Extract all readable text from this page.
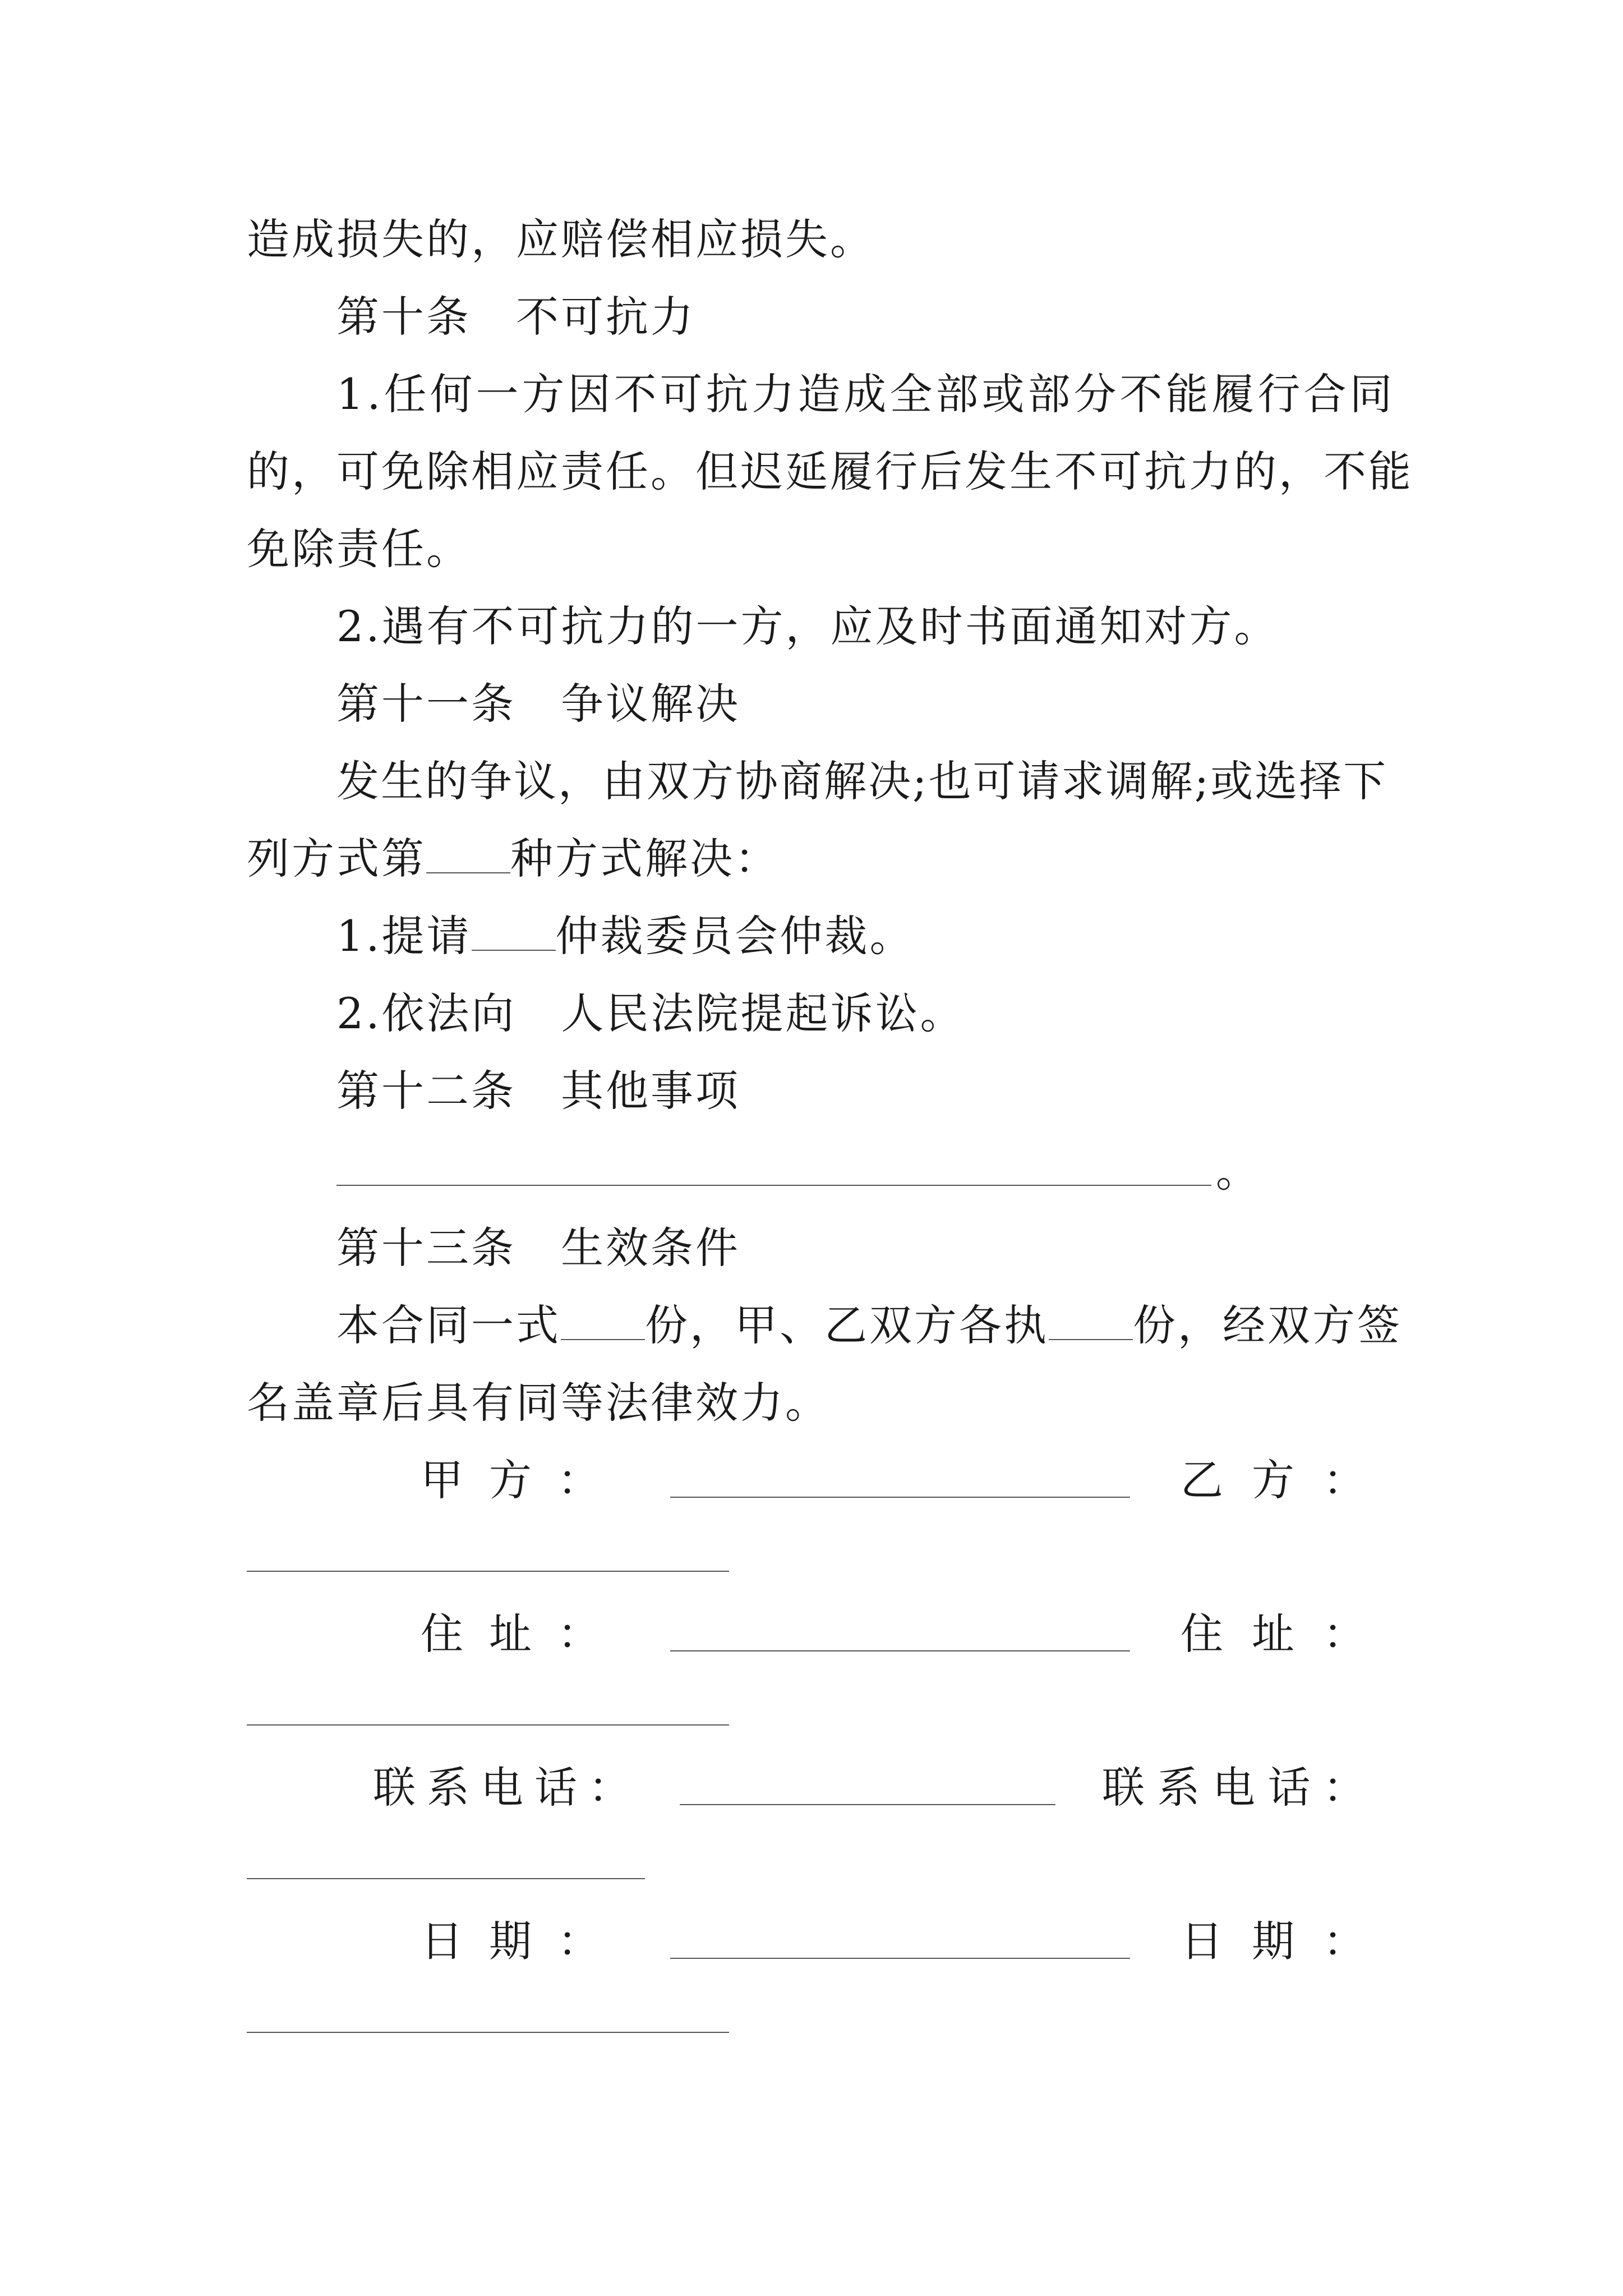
造成损失的，应赔偿相应损失。
第十条　不可抗力
1.任何一方因不可抗力造成全部或部分不能履行合同
的，可免除相应责任。但迟延履行后发生不可抗力的，不能
免除责任。
2.遇有不可抗力的一方，应及时书面通知对方。
第十一条　争议解决
发生的争议，由双方协商解决;也可请求调解;或选择下
列方式第 种方式解决：
1.提请 仲裁委员会仲裁。
2.依法向　人民法院提起诉讼。
第十二条　其他事项
。
第十三条　生效条件
本合同一式 份，甲、乙双方各执 份，经双方签
名盖章后具有同等法律效力。
甲 方 ：	乙 方 ：
住 址 ：	住 址 ：
联 系 电 话 ：	联 系 电 话 ：
日 期 ：	日 期 ：
